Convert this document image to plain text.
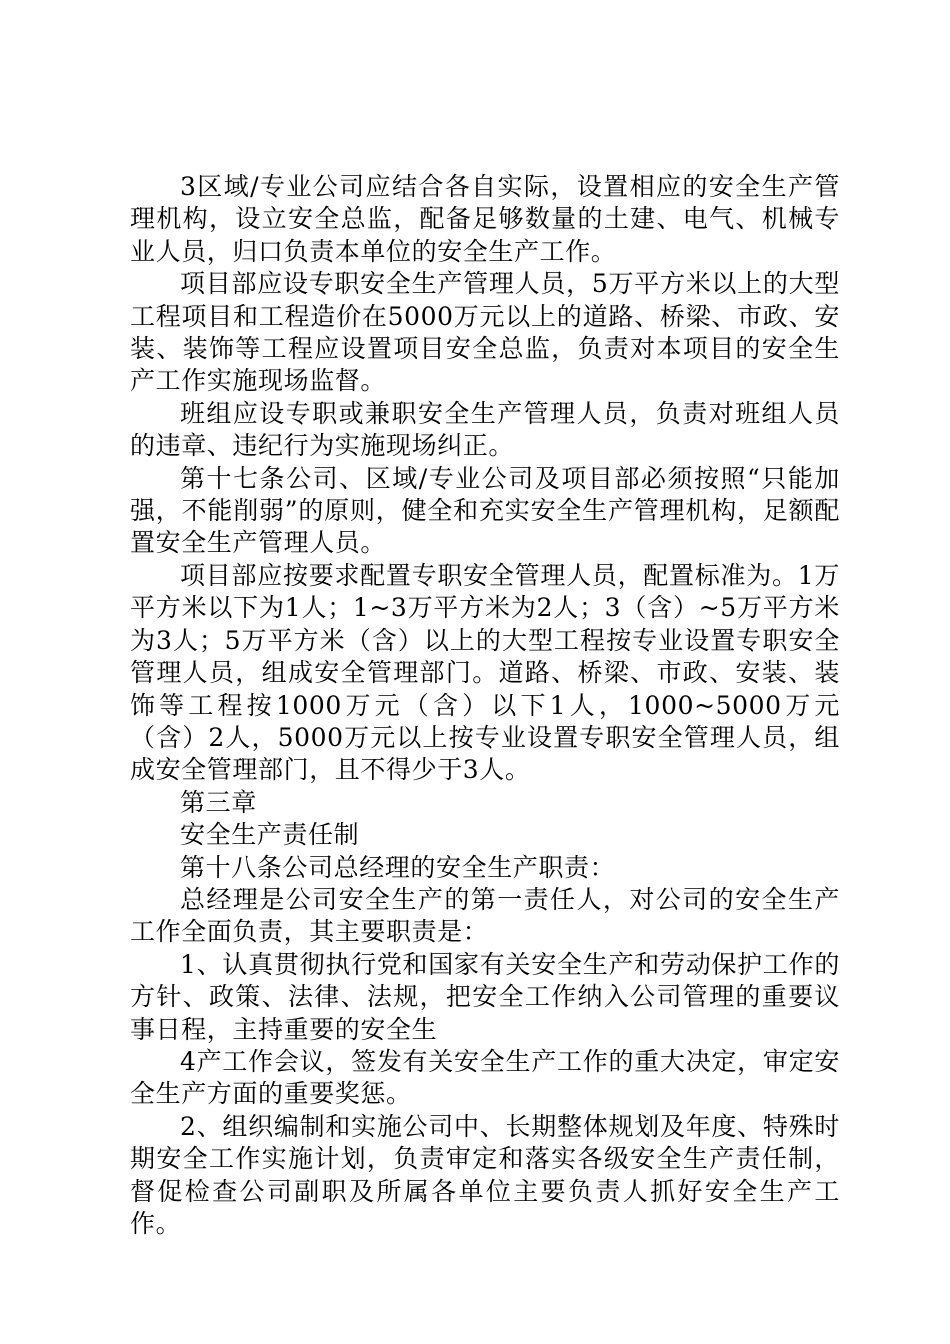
3区域/专业公司应结合各自实际，设置相应的安全生产管理机构，设立安全总监，配备足够数量的土建、电气、机械专业人员，归口负责本单位的安全生产工作。

项目部应设专职安全生产管理人员，5万平方米以上的大型工程项目和工程造价在5000万元以上的道路、桥梁、市政、安装、装饰等工程应设置项目安全总监，负责对本项目的安全生产工作实施现场监督。

班组应设专职或兼职安全生产管理人员，负责对班组人员的违章、违纪行为实施现场纠正。

第十七条公司、区域/专业公司及项目部必须按照“只能加强，不能削弱”的原则，健全和充实安全生产管理机构，足额配置安全生产管理人员。

项目部应按要求配置专职安全管理人员，配置标准为。1万平方米以下为1人；1~3万平方米为2人；3（含）~5万平方米为3人；5万平方米（含）以上的大型工程按专业设置专职安全管理人员，组成安全管理部门。道路、桥梁、市政、安装、装饰等工程按1000万元（含）以下1人，1000~5000万元（含）2人，5000万元以上按专业设置专职安全管理人员，组成安全管理部门，且不得少于3人。

第三章

安全生产责任制

第十八条公司总经理的安全生产职责：

总经理是公司安全生产的第一责任人，对公司的安全生产工作全面负责，其主要职责是：

1、认真贯彻执行党和国家有关安全生产和劳动保护工作的方针、政策、法律、法规，把安全工作纳入公司管理的重要议事日程，主持重要的安全生

4产工作会议，签发有关安全生产工作的重大决定，审定安全生产方面的重要奖惩。

2、组织编制和实施公司中、长期整体规划及年度、特殊时期安全工作实施计划，负责审定和落实各级安全生产责任制，督促检查公司副职及所属各单位主要负责人抓好安全生产工作。
